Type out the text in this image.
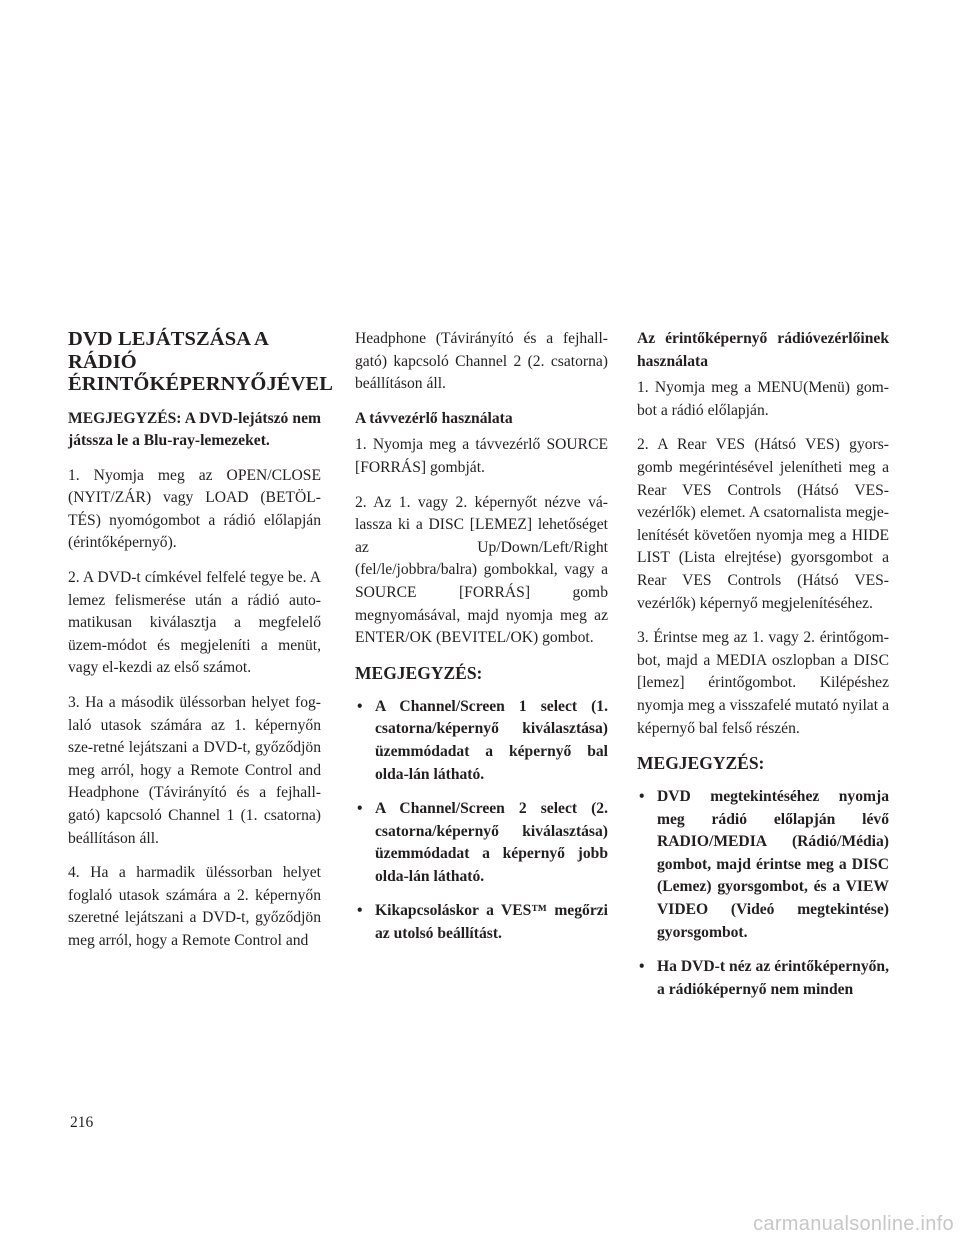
DVD LEJÁTSZÁSA A RÁDIÓ ÉRINTŐKÉPERNYŐJÉVEL

MEGJEGYZÉS: A DVD-lejátszó nem játssza le a Blu-ray-lemezeket.

1. Nyomja meg az OPEN/CLOSE (NYIT/ZÁR) vagy LOAD (BETÖL-TÉS) nyomógombot a rádió előlapján (érintőképernyő).

2. A DVD-t címkével felfelé tegye be. A lemez felismerése után a rádió auto-matikusan kiválasztja a megfelelő üzem-módot és megjeleníti a menüt, vagy el-kezdi az első számot.

3. Ha a második üléssorban helyet fog-laló utasok számára az 1. képernyőn sze-retné lejátszani a DVD-t, győződjön meg arról, hogy a Remote Control and Headphone (Távirányító és a fejhall-gató) kapcsoló Channel 1 (1. csatorna) beállításon áll.

4. Ha a harmadik üléssorban helyet foglaló utasok számára a 2. képernyőn szeretné lejátszani a DVD-t, győződjön meg arról, hogy a Remote Control and

Headphone (Távirányító és a fejhall-gató) kapcsoló Channel 2 (2. csatorna) beállításon áll.

A távvezérlő használata

1. Nyomja meg a távvezérlő SOURCE [FORRÁS] gombját.

2. Az 1. vagy 2. képernyőt nézve vá-lassza ki a DISC [LEMEZ] lehetőséget az Up/Down/Left/Right (fel/le/jobbra/balra) gombokkal, vagy a SOURCE [FORRÁS] gomb megnyomásával, majd nyomja meg az ENTER/OK (BEVITEL/OK) gombot.

MEGJEGYZÉS:
• A Channel/Screen 1 select (1. csatorna/képernyő kiválasztása) üzemmódadat a képernyő bal olda-lán látható.
• A Channel/Screen 2 select (2. csatorna/képernyő kiválasztása) üzemmódadat a képernyő jobb olda-lán látható.
• Kikapcsoláskor a VES™ megőrzi az utolsó beállítást.

Az érintőképernyő rádióvezérlőinek használata

1. Nyomja meg a MENU(Menü) gom-bot a rádió előlapján.

2. A Rear VES (Hátsó VES) gyors-gomb megérintésével jelenítheti meg a Rear VES Controls (Hátsó VES-vezérlők) elemet. A csatornalista megje-lenítését követően nyomja meg a HIDE LIST (Lista elrejtése) gyorsgombot a Rear VES Controls (Hátsó VES-vezérlők) képernyő megjelenítéséhez.

3. Érintse meg az 1. vagy 2. érintőgom-bot, majd a MEDIA oszlopban a DISC [lemez] érintőgombot. Kilépéshez nyomja meg a visszafelé mutató nyilat a képernyő bal felső részén.

MEGJEGYZÉS:
• DVD megtekintéséhez nyomja meg rádió előlapján lévő RADIO/MEDIA (Rádió/Média) gombot, majd érintse meg a DISC (Lemez) gyorsgombot, és a VIEW VIDEO (Videó megtekintése) gyorsgombot.
• Ha DVD-t néz az érintőképernyőn, a rádióképernyő nem minden
216
carmanualsonline.info
